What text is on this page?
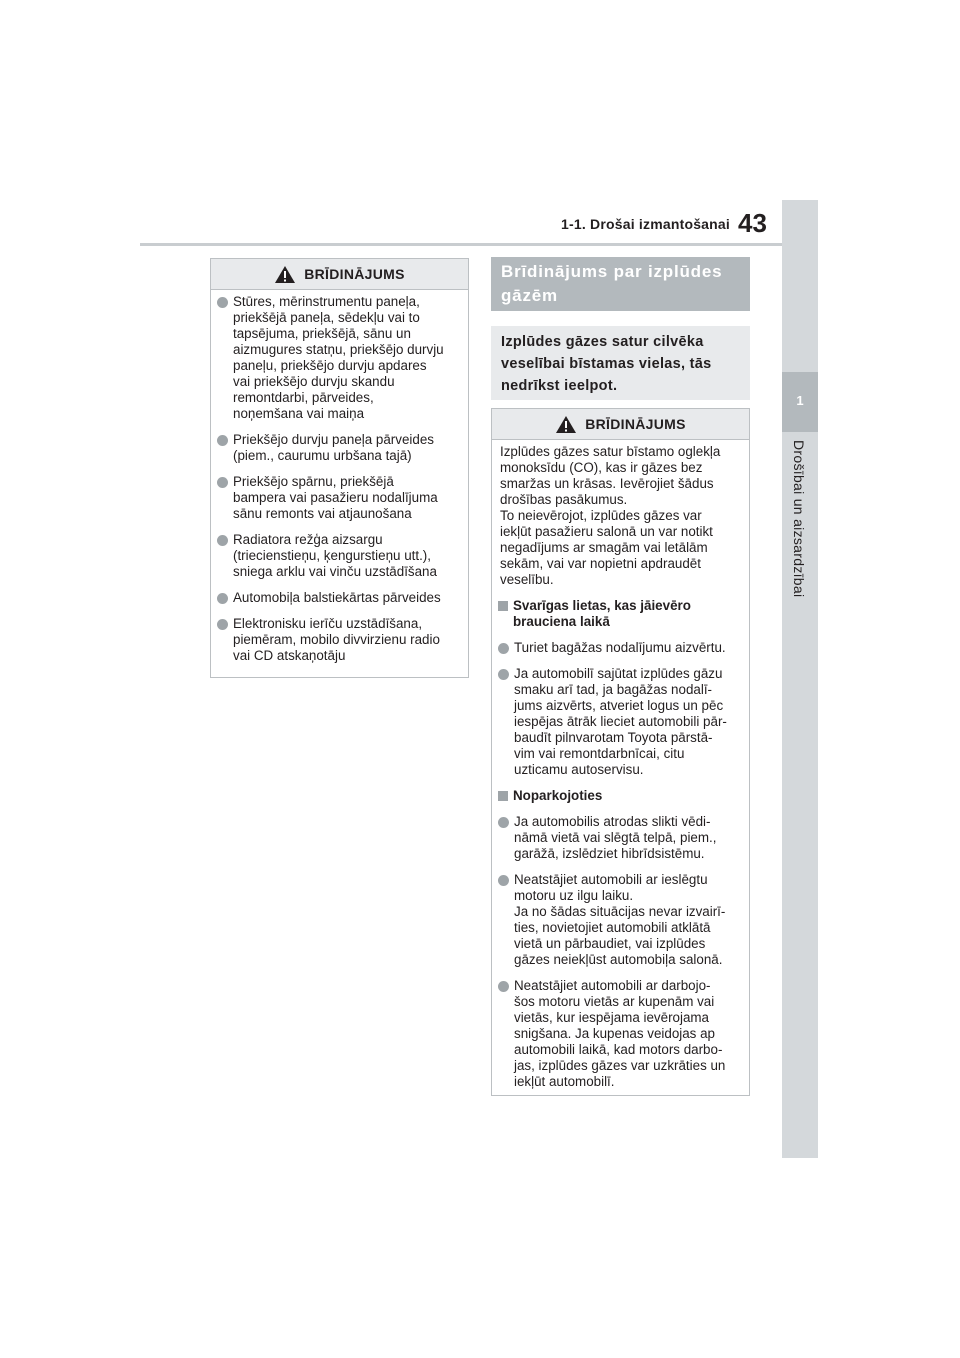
1-1. Drošai izmantošanai 43
1
Drošībai un aizsardzībai
BRĪDINĀJUMS
Stūres, mērinstrumentu paneļa,
priekšējā paneļa, sēdekļu vai to
tapsējuma, priekšējā, sānu un
aizmugures statņu, priekšējo durvju
paneļu, priekšējo durvju apdares
vai priekšējo durvju skandu
remontdarbi, pārveides,
noņemšana vai maiņa
Priekšējo durvju paneļa pārveides
(piem., caurumu urbšana tajā)
Priekšējo spārnu, priekšējā
bampera vai pasažieru nodalījuma
sānu remonts vai atjaunošana
Radiatora režģa aizsargu
(triecienstieņu, ķengurstieņu utt.),
sniega arklu vai vinču uzstādīšana
Automobiļa balstiekārtas pārveides
Elektronisku ierīču uzstādīšana,
piemēram, mobilo divvirzienu radio
vai CD atskaņotāju
Brīdinājums par izplūdes
gāzēm
Izplūdes gāzes satur cilvēka
veselībai bīstamas vielas, tās
nedrīkst ieelpot.
BRĪDINĀJUMS
Izplūdes gāzes satur bīstamo oglekļa
monoksīdu (CO), kas ir gāzes bez
smaržas un krāsas. Ievērojiet šādus
drošības pasākumus.
To neievērojot, izplūdes gāzes var
iekļūt pasažieru salonā un var notikt
negadījums ar smagām vai letālām
sekām, vai var nopietni apdraudēt
veselību.
Svarīgas lietas, kas jāievēro
brauciena laikā
Turiet bagāžas nodalījumu aizvērtu.
Ja automobilī sajūtat izplūdes gāzu
smaku arī tad, ja bagāžas nodalī-
jums aizvērts, atveriet logus un pēc
iespējas ātrāk lieciet automobili pār-
baudīt pilnvarotam Toyota pārstā-
vim vai remontdarbnīcai, citu
uzticamu autoservisu.
Noparkojoties
Ja automobilis atrodas slikti vēdi-
nāmā vietā vai slēgtā telpā, piem.,
garāžā, izslēdziet hibrīdsistēmu.
Neatstājiet automobili ar ieslēgtu
motoru uz ilgu laiku.
Ja no šādas situācijas nevar izvairī-
ties, novietojiet automobili atklātā
vietā un pārbaudiet, vai izplūdes
gāzes neiekļūst automobiļa salonā.
Neatstājiet automobili ar darbojo-
šos motoru vietās ar kupenām vai
vietās, kur iespējama ievērojama
snigšana. Ja kupenas veidojas ap
automobili laikā, kad motors darbo-
jas, izplūdes gāzes var uzkrāties un
iekļūt automobilī.
